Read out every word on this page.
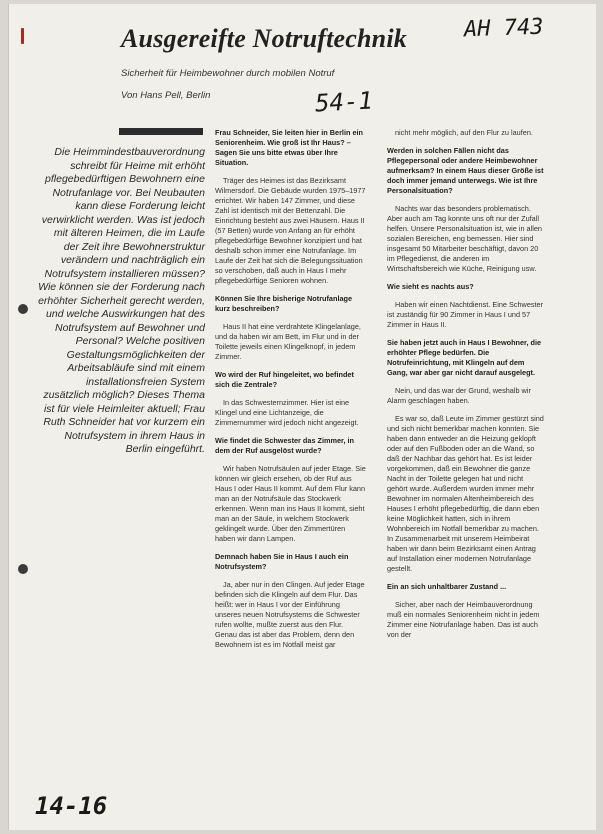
Ausgereifte Notruftechnik	AH 743
Sicherheit für Heimbewohner durch mobilen Notruf
Von Hans Pell, Berlin	54-1
Die Heimmindestbauverordnung schreibt für Heime mit erhöht pflegebedürftigen Bewohnern eine Notrufanlage vor. Bei Neubauten kann diese Forderung leicht verwirklicht werden. Was ist jedoch mit älteren Heimen, die im Laufe der Zeit ihre Bewohnerstruktur verändern und nachträglich ein Notrufsystem installieren müssen? Wie können sie der Forderung nach erhöhter Sicherheit gerecht werden, und welche Auswirkungen hat des Notrufsystem auf Bewohner und Personal? Welche positiven Gestaltungsmöglichkeiten der Arbeitsabläufe sind mit einem installationsfreien System zusätzlich möglich? Dieses Thema ist für viele Heimleiter aktuell; Frau Ruth Schneider hat vor kurzem ein Notrufsystem in ihrem Haus in Berlin eingeführt.

Frau Schneider, Sie leiten hier in Berlin ein Seniorenheim. Wie groß ist Ihr Haus? – Sagen Sie uns bitte etwas über Ihre Situation.

Träger des Heimes ist das Bezirksamt Wilmersdorf. Die Gebäude wurden 1975–1977 errichtet. Wir haben 147 Zimmer, und diese Zahl ist identisch mit der Bettenzahl. Die Einrichtung besteht aus zwei Häusern. Haus II (57 Betten) wurde von Anfang an für erhöht pflegebedürftige Bewohner konzipiert und hat deshalb schon immer eine Notrufanlage. Im Laufe der Zeit hat sich die Belegungssituation so verschoben, daß auch in Haus I mehr pflegebedürftige Senioren wohnen.

Können Sie Ihre bisherige Notrufanlage kurz beschreiben?

Haus II hat eine verdrahtete Klingelanlage, und da haben wir am Bett, im Flur und in der Toilette jeweils einen Klingelknopf, in jedem Zimmer.

Wo wird der Ruf hingeleitet, wo befindet sich die Zentrale?

In das Schwesternzimmer. Hier ist eine Klingel und eine Lichtanzeige, die Zimmernummer wird jedoch nicht angezeigt.

Wie findet die Schwester das Zimmer, in dem der Ruf ausgelöst wurde?

Wir haben Notrufsäulen auf jeder Etage. Sie können wir gleich ersehen, ob der Ruf aus Haus I oder Haus II kommt. Auf dem Flur kann man an der Notrufsäule das Stockwerk erkennen. Wenn man ins Haus II kommt, sieht man an der Säule, in welchem Stockwerk geklingelt wurde. Über den Zimmertüren haben wir dann Lampen.

Demnach haben Sie in Haus I auch ein Notrufsystem?

Ja, aber nur in den Clingen. Auf jeder Etage befinden sich die Klingeln auf dem Flur. Das heißt: wer in Haus I vor der Einführung unseres neuen Notrufsystems die Schwester rufen wollte, mußte zuerst aus den Flur. Genau das ist aber das Problem, denn den Bewohnern ist es im Notfall meist gar

nicht mehr möglich, auf den Flur zu laufen.

Werden in solchen Fällen nicht das Pflegepersonal oder andere Heimbewohner aufmerksam? In einem Haus dieser Größe ist doch immer jemand unterwegs. Wie ist Ihre Personalsituation?

Nachts war das besonders problematisch. Aber auch am Tag konnte uns oft nur der Zufall helfen. Unsere Personalsituation ist, wie in allen sozialen Bereichen, eng bemessen. Hier sind insgesamt 50 Mitarbeiter beschäftigt, davon 20 im Pflegedienst, die anderen im Wirtschaftsbereich wie Küche, Reinigung usw.

Wie sieht es nachts aus?

Haben wir einen Nachtdienst. Eine Schwester ist zuständig für 90 Zimmer in Haus I und 57 Zimmer in Haus II.

Sie haben jetzt auch in Haus I Bewohner, die erhöhter Pflege bedürfen. Die Notrufeinrichtung, mit Klingeln auf dem Gang, war aber gar nicht darauf ausgelegt.

Nein, und das war der Grund, weshalb wir Alarm geschlagen haben.

Es war so, daß Leute im Zimmer gestürzt sind und sich nicht bemerkbar machen konnten. Sie haben dann entweder an die Heizung geklopft oder auf den Fußboden oder an die Wand, so daß der Nachbar das gehört hat. Es ist leider vorgekommen, daß ein Bewohner die ganze Nacht in der Toilette gelegen hat und nicht gehört wurde. Außerdem wurden immer mehr Bewohner im normalen Altenheimbereich des Hauses I erhöht pflegebedürftig, die dann eben keine Möglichkeit hatten, sich in ihrem Wohnbereich im Notfall bemerkbar zu machen. In Zusammenarbeit mit unserem Heimbeirat haben wir dann beim Bezirksamt einen Antrag auf Installation einer modernen Notrufanlage gestellt.

Ein an sich unhaltbarer Zustand ...

Sicher, aber nach der Heimbauverordnung muß ein normales Seniorenheim nicht in jedem Zimmer eine Notrufanlage haben. Das ist auch von der

14-16
